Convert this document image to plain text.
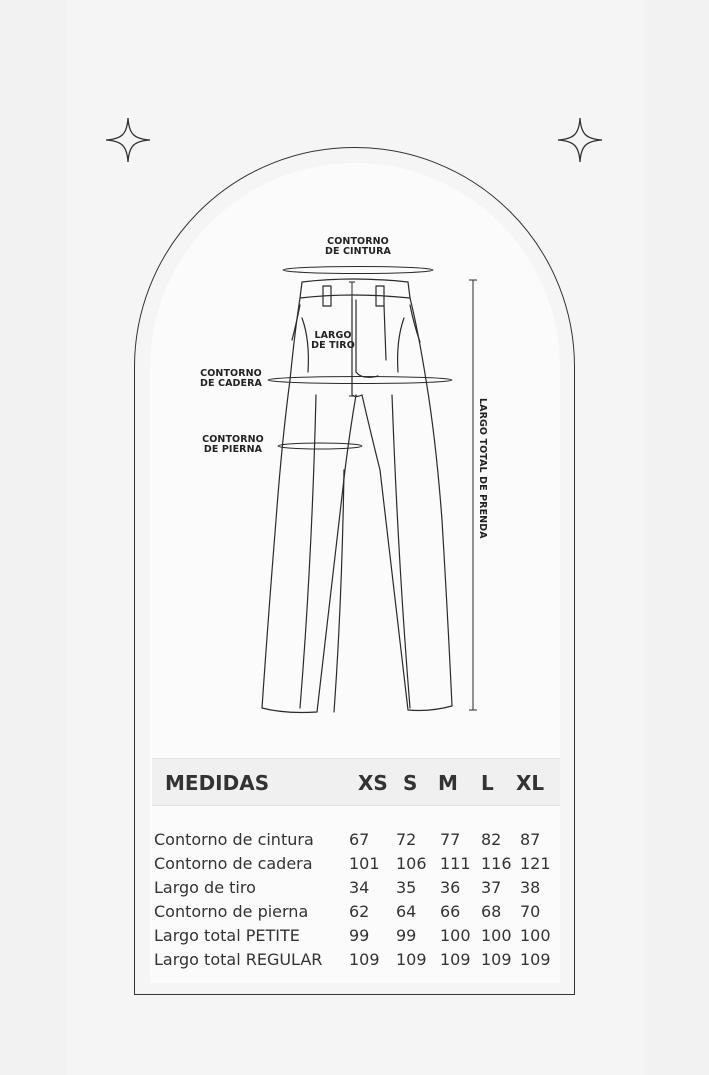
CONTORNO
DE CINTURA
LARGO
DE TIRO
CONTORNO
DE CADERA
CONTORNO
DE PIERNA	LARGO TOTAL DE PRENDA
MEDIDAS	XS S M L XL
Contorno de cintura 67 72 77 82 87
Contorno de cadera 101 106 111 116 121
Largo de tiro	34 35 36 37 38
Contorno de pierna	62 64 66 68 70
Largo total PETITE	99 99 100 100 100
Largo total REGULAR 109 109 109 109 109
